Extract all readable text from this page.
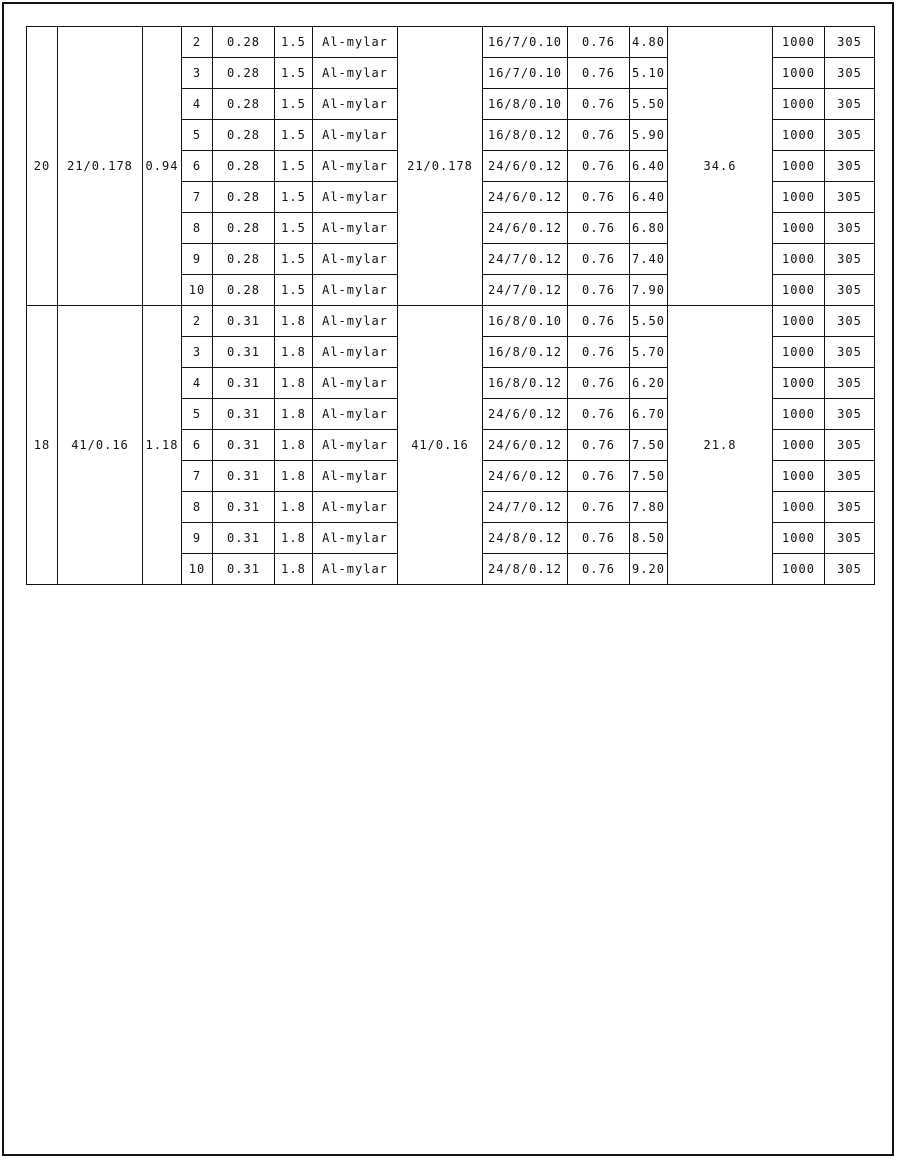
20	21/0.178	0.94	2	0.28	1.5	Al-mylar	21/0.178	16/7/0.10	0.76	4.80	34.6	1000	305
			3	0.28	1.5	Al-mylar		16/7/0.10	0.76	5.10		1000	305
			4	0.28	1.5	Al-mylar		16/8/0.10	0.76	5.50		1000	305
			5	0.28	1.5	Al-mylar		16/8/0.12	0.76	5.90		1000	305
			6	0.28	1.5	Al-mylar		24/6/0.12	0.76	6.40		1000	305
			7	0.28	1.5	Al-mylar		24/6/0.12	0.76	6.40		1000	305
			8	0.28	1.5	Al-mylar		24/6/0.12	0.76	6.80		1000	305
			9	0.28	1.5	Al-mylar		24/7/0.12	0.76	7.40		1000	305
			10	0.28	1.5	Al-mylar		24/7/0.12	0.76	7.90		1000	305
18	41/0.16	1.18	2	0.31	1.8	Al-mylar	41/0.16	16/8/0.10	0.76	5.50	21.8	1000	305
			3	0.31	1.8	Al-mylar		16/8/0.12	0.76	5.70		1000	305
			4	0.31	1.8	Al-mylar		16/8/0.12	0.76	6.20		1000	305
			5	0.31	1.8	Al-mylar		24/6/0.12	0.76	6.70		1000	305
			6	0.31	1.8	Al-mylar		24/6/0.12	0.76	7.50		1000	305
			7	0.31	1.8	Al-mylar		24/6/0.12	0.76	7.50		1000	305
			8	0.31	1.8	Al-mylar		24/7/0.12	0.76	7.80		1000	305
			9	0.31	1.8	Al-mylar		24/8/0.12	0.76	8.50		1000	305
			10	0.31	1.8	Al-mylar		24/8/0.12	0.76	9.20		1000	305
